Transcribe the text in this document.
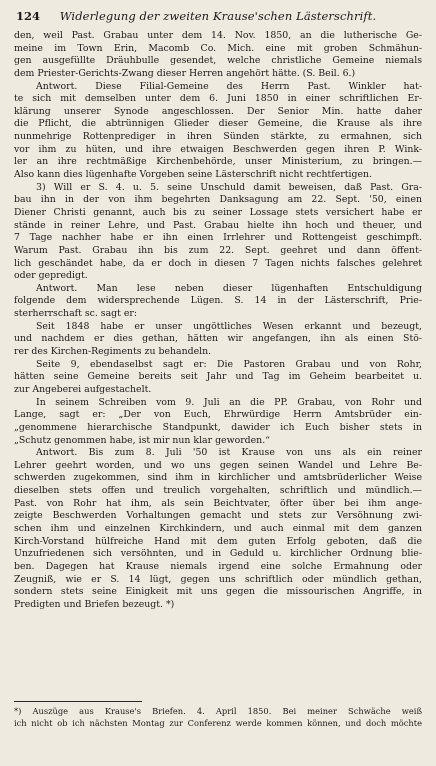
124	Widerlegung der zweiten Krause'schen Lästerschrift.
den, weil Past. Grabau unter dem 14. Nov. 1850, an die lutherische Ge-
meine im Town Erin, Macomb Co. Mich. eine mit groben Schmähun-
gen ausgefüllte Dräuhbulle gesendet, welche christliche Gemeine niemals
dem Priester-Gerichts-Zwang dieser Herren angehört hätte. (S. Beil. 6.)
Antwort. Diese Filial-Gemeine des Herrn Past. Winkler hat-
te sich mit demselben unter dem 6. Juni 1850 in einer schriftlichen Er-
klärung unserer Synode angeschlossen. Der Senior Min. hatte daher
die Pflicht, die abtrünnigen Glieder dieser Gemeine, die Krause als ihre
nunmehrige Rottenprediger in ihren Sünden stärkte, zu ermahnen, sich
vor ihm zu hüten, und ihre etwaigen Beschwerden gegen ihren P. Wink-
ler an ihre rechtmäßige Kirchenbehörde, unser Ministerium, zu bringen.—
Also kann dies lügenhafte Vorgeben seine Lästerschrift nicht rechtfertigen.
3) Will er S. 4. u. 5. seine Unschuld damit beweisen, daß Past. Gra-
bau ihn in der von ihm begehrten Danksagung am 22. Sept. '50, einen
Diener Christi genannt, auch bis zu seiner Lossage stets versichert habe er
stände in reiner Lehre, und Past. Grabau hielte ihn hoch und theuer, und
7 Tage nachher habe er ihn einen Irrlehrer und Rottengeist geschimpft.
Warum Past. Grabau ihn bis zum 22. Sept. geehret und dann öffent-
lich geschändet habe, da er doch in diesen 7 Tagen nichts falsches gelehret
oder gepredigt.
Antwort. Man lese neben dieser lügenhaften Entschuldigung
folgende dem widersprechende Lügen. S. 14 in der Lästerschrift, Prie-
sterherrschaft sc. sagt er:
Seit 1848 habe er unser ungöttliches Wesen erkannt und bezeugt,
und nachdem er dies gethan, hätten wir angefangen, ihn als einen Stö-
rer des Kirchen-Regiments zu behandeln.
Seite 9, ebendaselbst sagt er: Die Pastoren Grabau und von Rohr,
hätten seine Gemeine bereits seit Jahr und Tag im Geheim bearbeitet u.
zur Angeberei aufgestachelt.
In seinem Schreiben vom 9. Juli an die PP. Grabau, von Rohr und
Lange, sagt er: „Der von Euch, Ehrwürdige Herrn Amtsbrüder ein-
„genommene hierarchische Standpunkt, dawider ich Euch bisher stets in
„Schutz genommen habe, ist mir nun klar geworden.“
Antwort. Bis zum 8. Juli '50 ist Krause von uns als ein reiner
Lehrer geehrt worden, und wo uns gegen seinen Wandel und Lehre Be-
schwerden zugekommen, sind ihm in kirchlicher und amtsbrüderlicher Weise
dieselben stets offen und treulich vorgehalten, schriftlich und mündlich.—
Past. von Rohr hat ihm, als sein Beichtvater, öfter über bei ihm ange-
zeigte Beschwerden Vorhaltungen gemacht und stets zur Versöhnung zwi-
schen ihm und einzelnen Kirchkindern, und auch einmal mit dem ganzen
Kirch-Vorstand hülfreiche Hand mit dem guten Erfolg geboten, daß die
Unzufriedenen sich versöhnten, und in Geduld u. kirchlicher Ordnung blie-
ben. Dagegen hat Krause niemals irgend eine solche Ermahnung oder
Zeugniß, wie er S. 14 lügt, gegen uns schriftlich oder mündlich gethan,
sondern stets seine Einigkeit mit uns gegen die missourischen Angriffe, in
Predigten und Briefen bezeugt. *)
*) Auszüge aus Krause's Briefen. 4. April 1850. Bei meiner Schwäche weiß
ich nicht ob ich nächsten Montag zur Conferenz werde kommen können, und doch möchte
